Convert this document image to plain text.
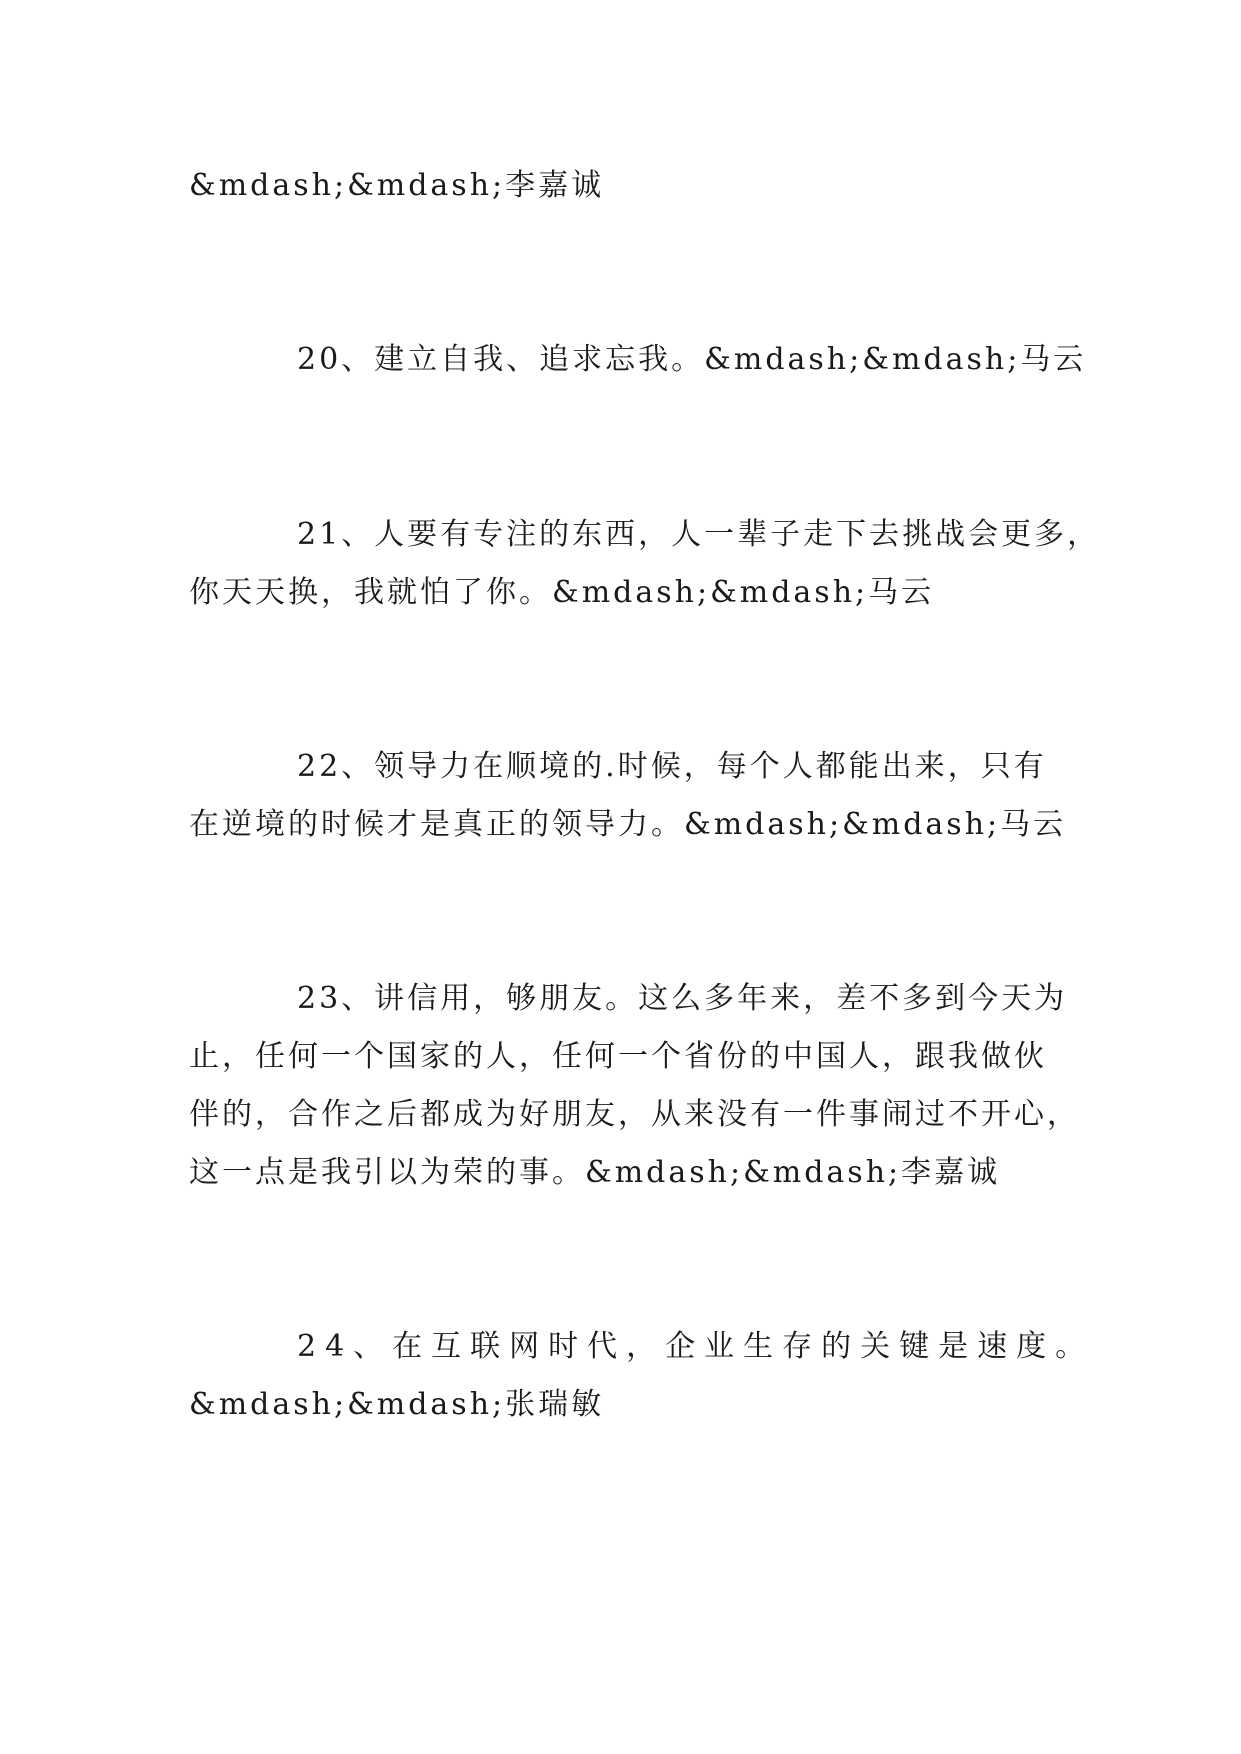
&mdash;&mdash;李嘉诚
20、建立自我、追求忘我。&mdash;&mdash;马云
21、人要有专注的东西，人一辈子走下去挑战会更多，
你天天换，我就怕了你。&mdash;&mdash;马云
22、领导力在顺境的.时候，每个人都能出来，只有
在逆境的时候才是真正的领导力。&mdash;&mdash;马云
23、讲信用，够朋友。这么多年来，差不多到今天为
止，任何一个国家的人，任何一个省份的中国人，跟我做伙
伴的，合作之后都成为好朋友，从来没有一件事闹过不开心，
这一点是我引以为荣的事。&mdash;&mdash;李嘉诚
24、在互联网时代，企业生存的关键是速度。
&mdash;&mdash;张瑞敏
